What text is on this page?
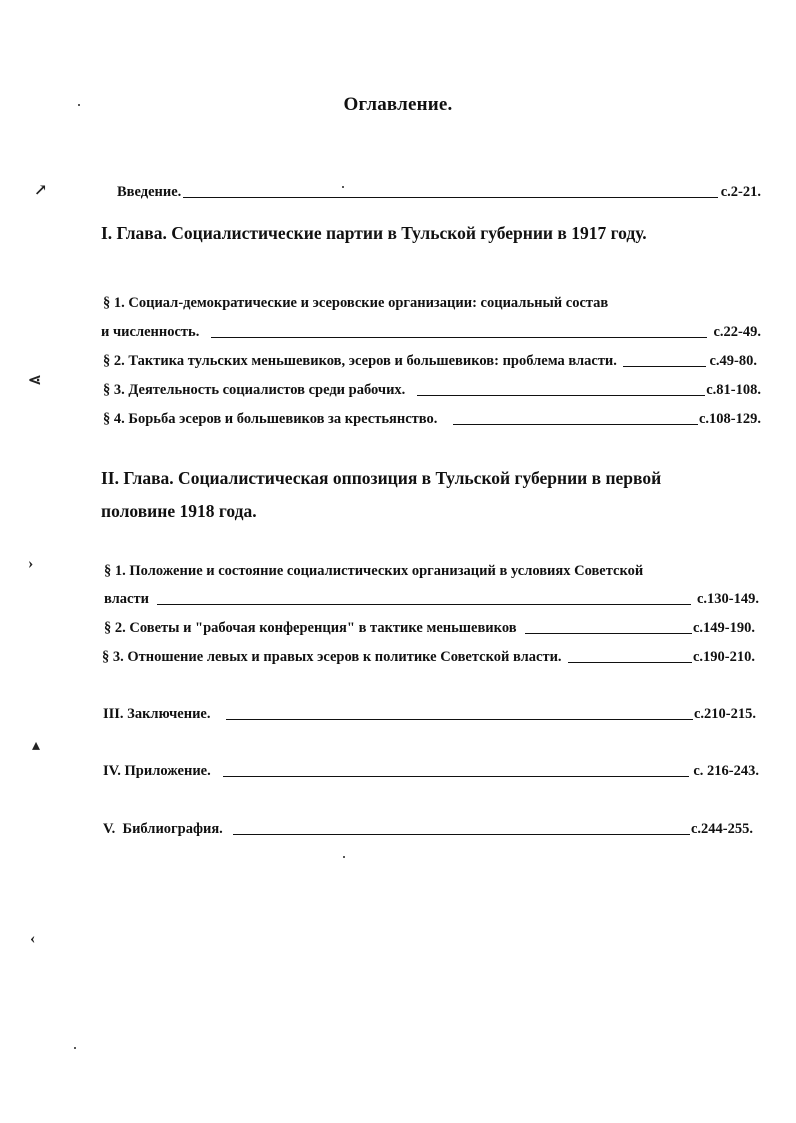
↗
⋖
›
▴
‹
Оглавление.
Введение.	с.2-21.
I. Глава. Социалистические партии в Тульской губернии в 1917 году.
§ 1. Социал-демократические и эсеровские организации: социальный состав
и численность.	с.22-49.
§ 2. Тактика тульских меньшевиков, эсеров и большевиков: проблема власти.	с.49-80.
§ 3. Деятельность социалистов среди рабочих.	с.81-108.
§ 4. Борьба эсеров и большевиков за крестьянство.	с.108-129.
II. Глава. Социалистическая оппозиция в Тульской губернии в первой
половине 1918 года.
§ 1. Положение и состояние социалистических организаций в условиях Советской
власти	с.130-149.
§ 2. Советы и "рабочая конференция" в тактике меньшевиков	с.149-190.
§ 3. Отношение левых и правых эсеров к политике Советской власти.	с.190-210.
III. Заключение.	с.210-215.
IV. Приложение.	с. 216-243.
V.  Библиография.	с.244-255.
